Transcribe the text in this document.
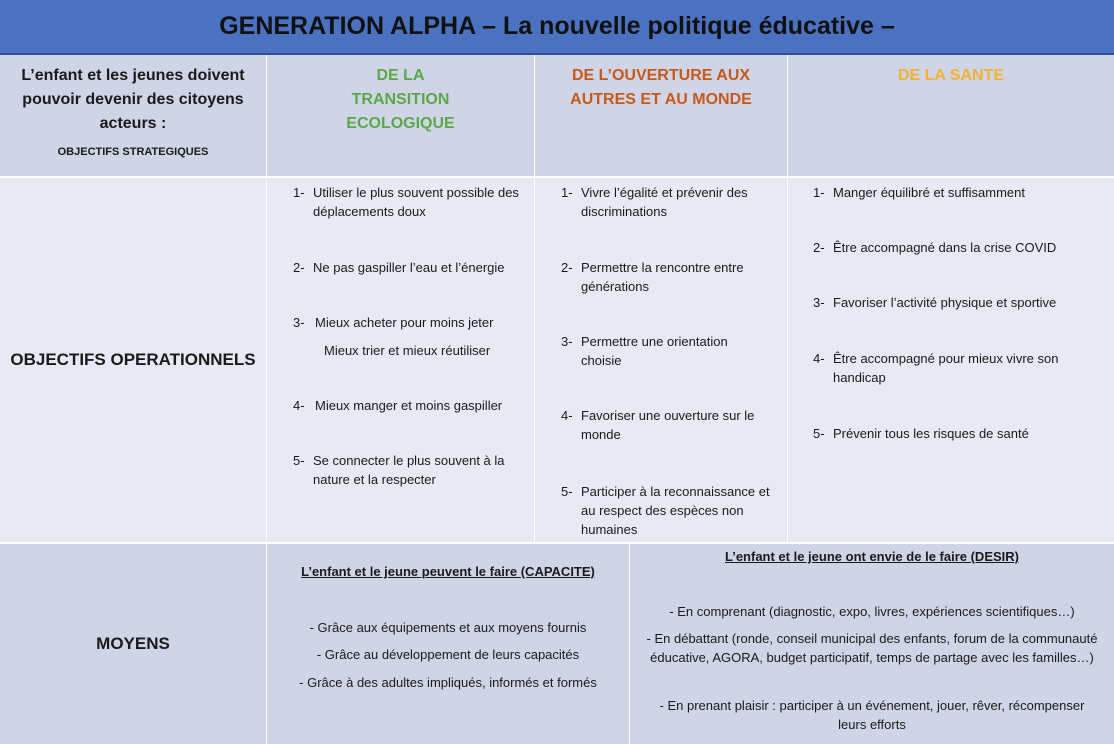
GENERATION ALPHA – La nouvelle politique éducative –
L’enfant et les jeunes doivent pouvoir devenir des citoyens acteurs :
OBJECTIFS STRATEGIQUES
DE LA TRANSITION ECOLOGIQUE
DE L’OUVERTURE AUX AUTRES ET AU MONDE
DE LA SANTE
OBJECTIFS OPERATIONNELS
1- Utiliser le plus souvent possible des déplacements doux
2- Ne pas gaspiller l’eau et l’énergie
3- Mieux acheter pour moins jeter
Mieux trier et mieux réutiliser
4- Mieux manger et moins gaspiller
5- Se connecter le plus souvent à la nature et la respecter
1- Vivre l’égalité et prévenir des discriminations
2- Permettre la rencontre entre générations
3- Permettre une orientation choisie
4- Favoriser une ouverture sur le monde
5- Participer à la reconnaissance et au respect des espèces non humaines
1- Manger équilibré et suffisamment
2- Être accompagné dans la crise COVID
3- Favoriser l’activité physique et sportive
4- Être accompagné pour mieux vivre son handicap
5- Prévenir tous les risques de santé
MOYENS
L’enfant et le jeune peuvent le faire (CAPACITE)
- Grâce aux équipements et aux moyens fournis
- Grâce au développement de leurs capacités
- Grâce à des adultes impliqués, informés et formés
L’enfant et le jeune ont envie de le faire (DESIR)
- En comprenant (diagnostic, expo, livres, expériences scientifiques…)
- En débattant (ronde, conseil municipal des enfants, forum de la communauté éducative, AGORA, budget participatif, temps de partage avec les familles…)
- En prenant plaisir : participer à un événement, jouer, rêver, récompenser leurs efforts
